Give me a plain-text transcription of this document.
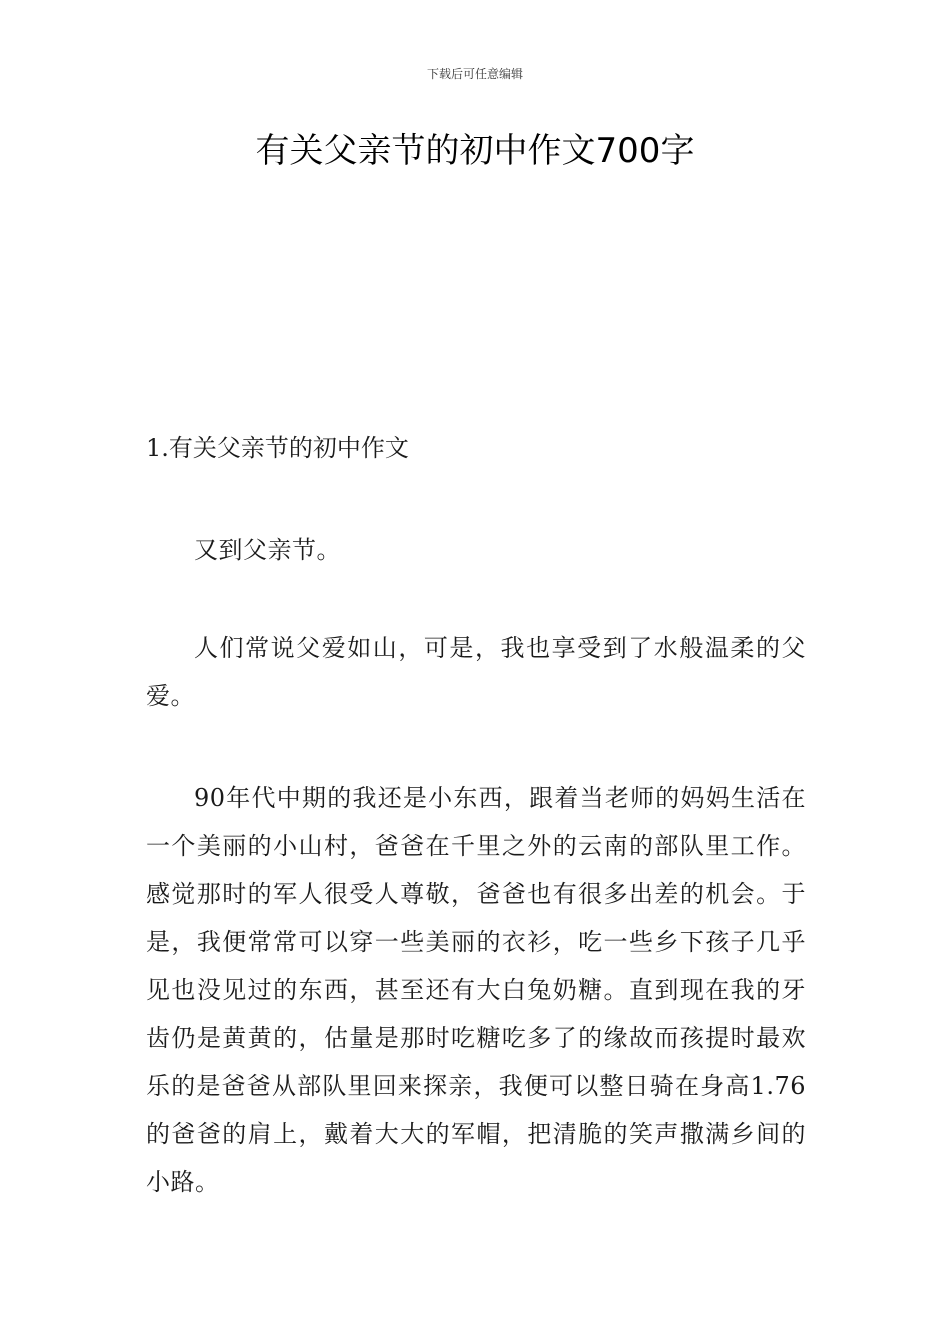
下载后可任意编辑
有关父亲节的初中作文700字
1.有关父亲节的初中作文

又到父亲节。

人们常说父爱如山，可是，我也享受到了水般温柔的父爱。

90年代中期的我还是小东西，跟着当老师的妈妈生活在一个美丽的小山村，爸爸在千里之外的云南的部队里工作。感觉那时的军人很受人尊敬，爸爸也有很多出差的机会。于是，我便常常可以穿一些美丽的衣衫，吃一些乡下孩子几乎见也没见过的东西，甚至还有大白兔奶糖。直到现在我的牙齿仍是黄黄的，估量是那时吃糖吃多了的缘故而孩提时最欢乐的是爸爸从部队里回来探亲，我便可以整日骑在身高1.76的爸爸的肩上，戴着大大的军帽，把清脆的笑声撒满乡间的小路。
